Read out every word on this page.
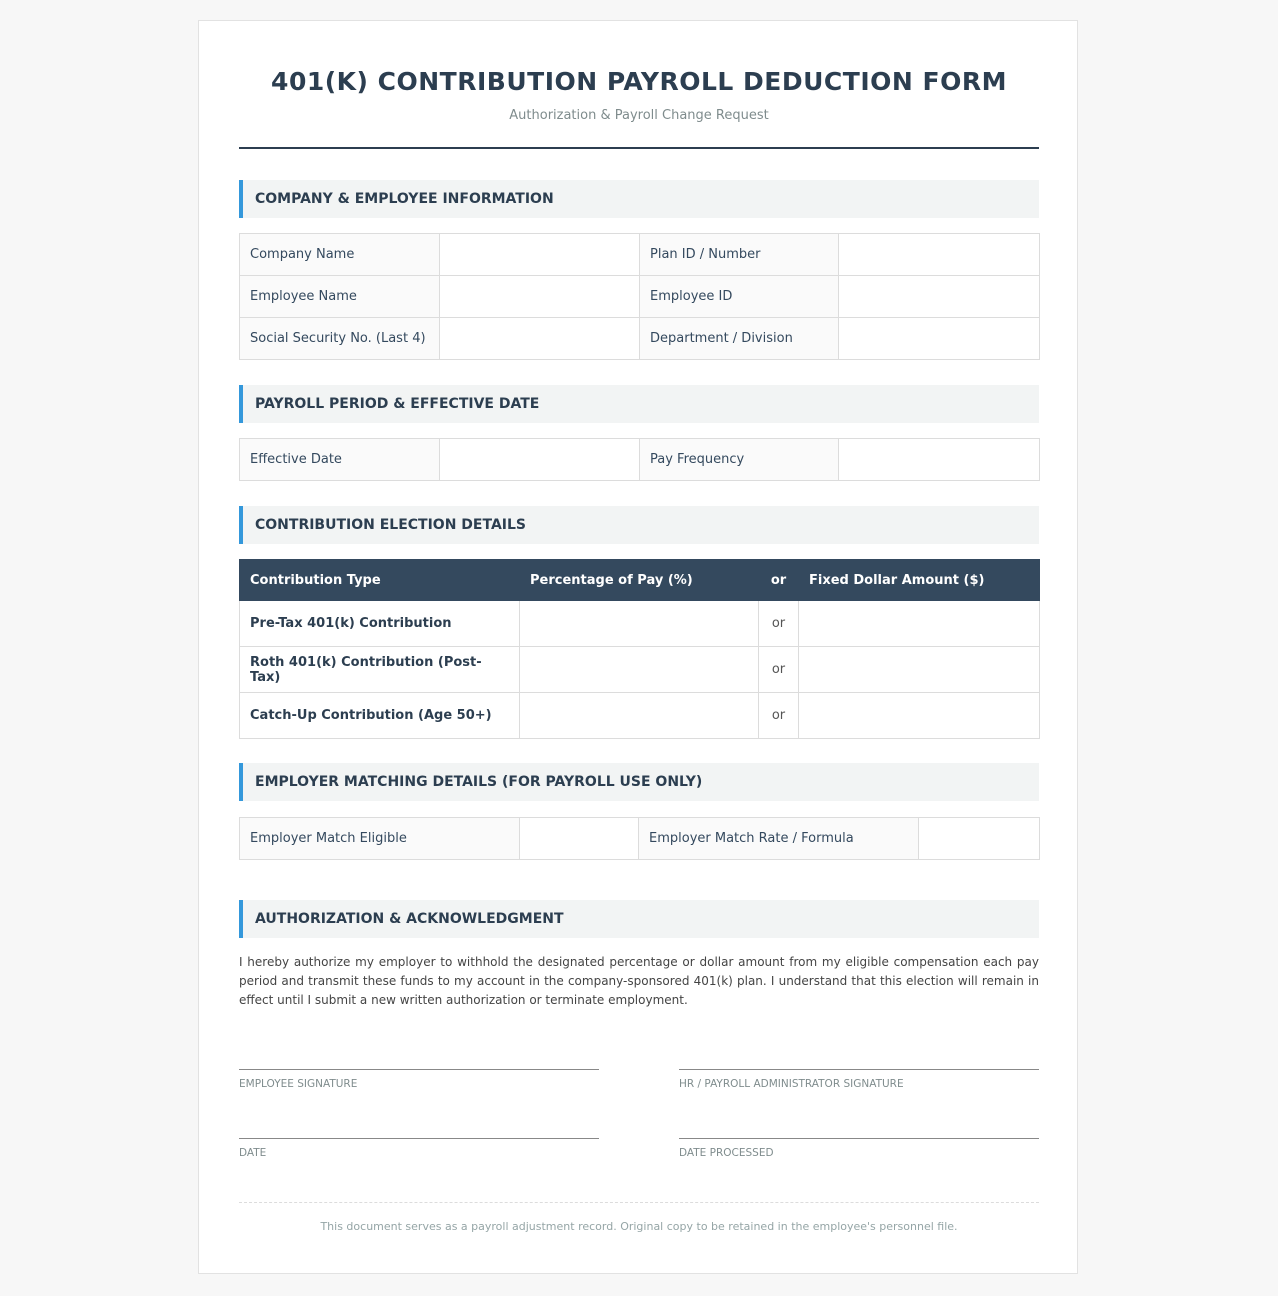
401(K) CONTRIBUTION PAYROLL DEDUCTION FORM
Authorization & Payroll Change Request
COMPANY & EMPLOYEE INFORMATION
Company Name		Plan ID / Number	
Employee Name		Employee ID	
Social Security No. (Last 4)		Department / Division	
PAYROLL PERIOD & EFFECTIVE DATE
Effective Date		Pay Frequency	
CONTRIBUTION ELECTION DETAILS
Contribution Type	Percentage of Pay (%)	or	Fixed Dollar Amount ($)
Pre-Tax 401(k) Contribution		or	
Roth 401(k) Contribution (Post-Tax)		or	
Catch-Up Contribution (Age 50+)		or	
EMPLOYER MATCHING DETAILS (FOR PAYROLL USE ONLY)
Employer Match Eligible		Employer Match Rate / Formula	
AUTHORIZATION & ACKNOWLEDGMENT
I hereby authorize my employer to withhold the designated percentage or dollar amount from my eligible compensation each pay period and transmit these funds to my account in the company-sponsored 401(k) plan. I understand that this election will remain in effect until I submit a new written authorization or terminate employment.
EMPLOYEE SIGNATURE	HR / PAYROLL ADMINISTRATOR SIGNATURE
DATE	DATE PROCESSED
This document serves as a payroll adjustment record. Original copy to be retained in the employee's personnel file.
